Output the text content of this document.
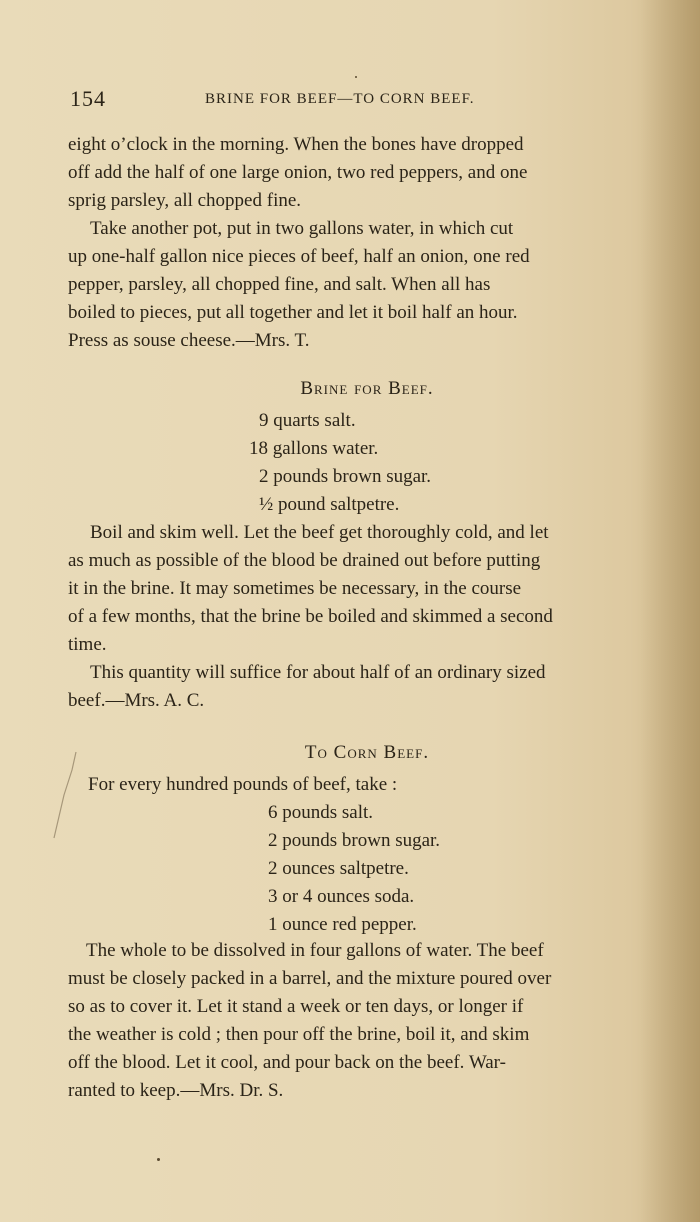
154	BRINE FOR BEEF—TO CORN BEEF.
eight o’clock in the morning. When the bones have dropped
off add the half of one large onion, two red peppers, and one
sprig parsley, all chopped fine.
Take another pot, put in two gallons water, in which cut
up one-half gallon nice pieces of beef, half an onion, one red
pepper, parsley, all chopped fine, and salt. When all has
boiled to pieces, put all together and let it boil half an hour.
Press as souse cheese.—Mrs. T.
Brine for Beef.
9 quarts salt.
18 gallons water.
2 pounds brown sugar.
½ pound saltpetre.
Boil and skim well. Let the beef get thoroughly cold, and let
as much as possible of the blood be drained out before putting
it in the brine. It may sometimes be necessary, in the course
of a few months, that the brine be boiled and skimmed a second
time.
This quantity will suffice for about half of an ordinary sized
beef.—Mrs. A. C.
To Corn Beef.
For every hundred pounds of beef, take :
6 pounds salt.
2 pounds brown sugar.
2 ounces saltpetre.
3 or 4 ounces soda.
1 ounce red pepper.
The whole to be dissolved in four gallons of water. The beef
must be closely packed in a barrel, and the mixture poured over
so as to cover it. Let it stand a week or ten days, or longer if
the weather is cold ; then pour off the brine, boil it, and skim
off the blood. Let it cool, and pour back on the beef. War-
ranted to keep.—Mrs. Dr. S.
